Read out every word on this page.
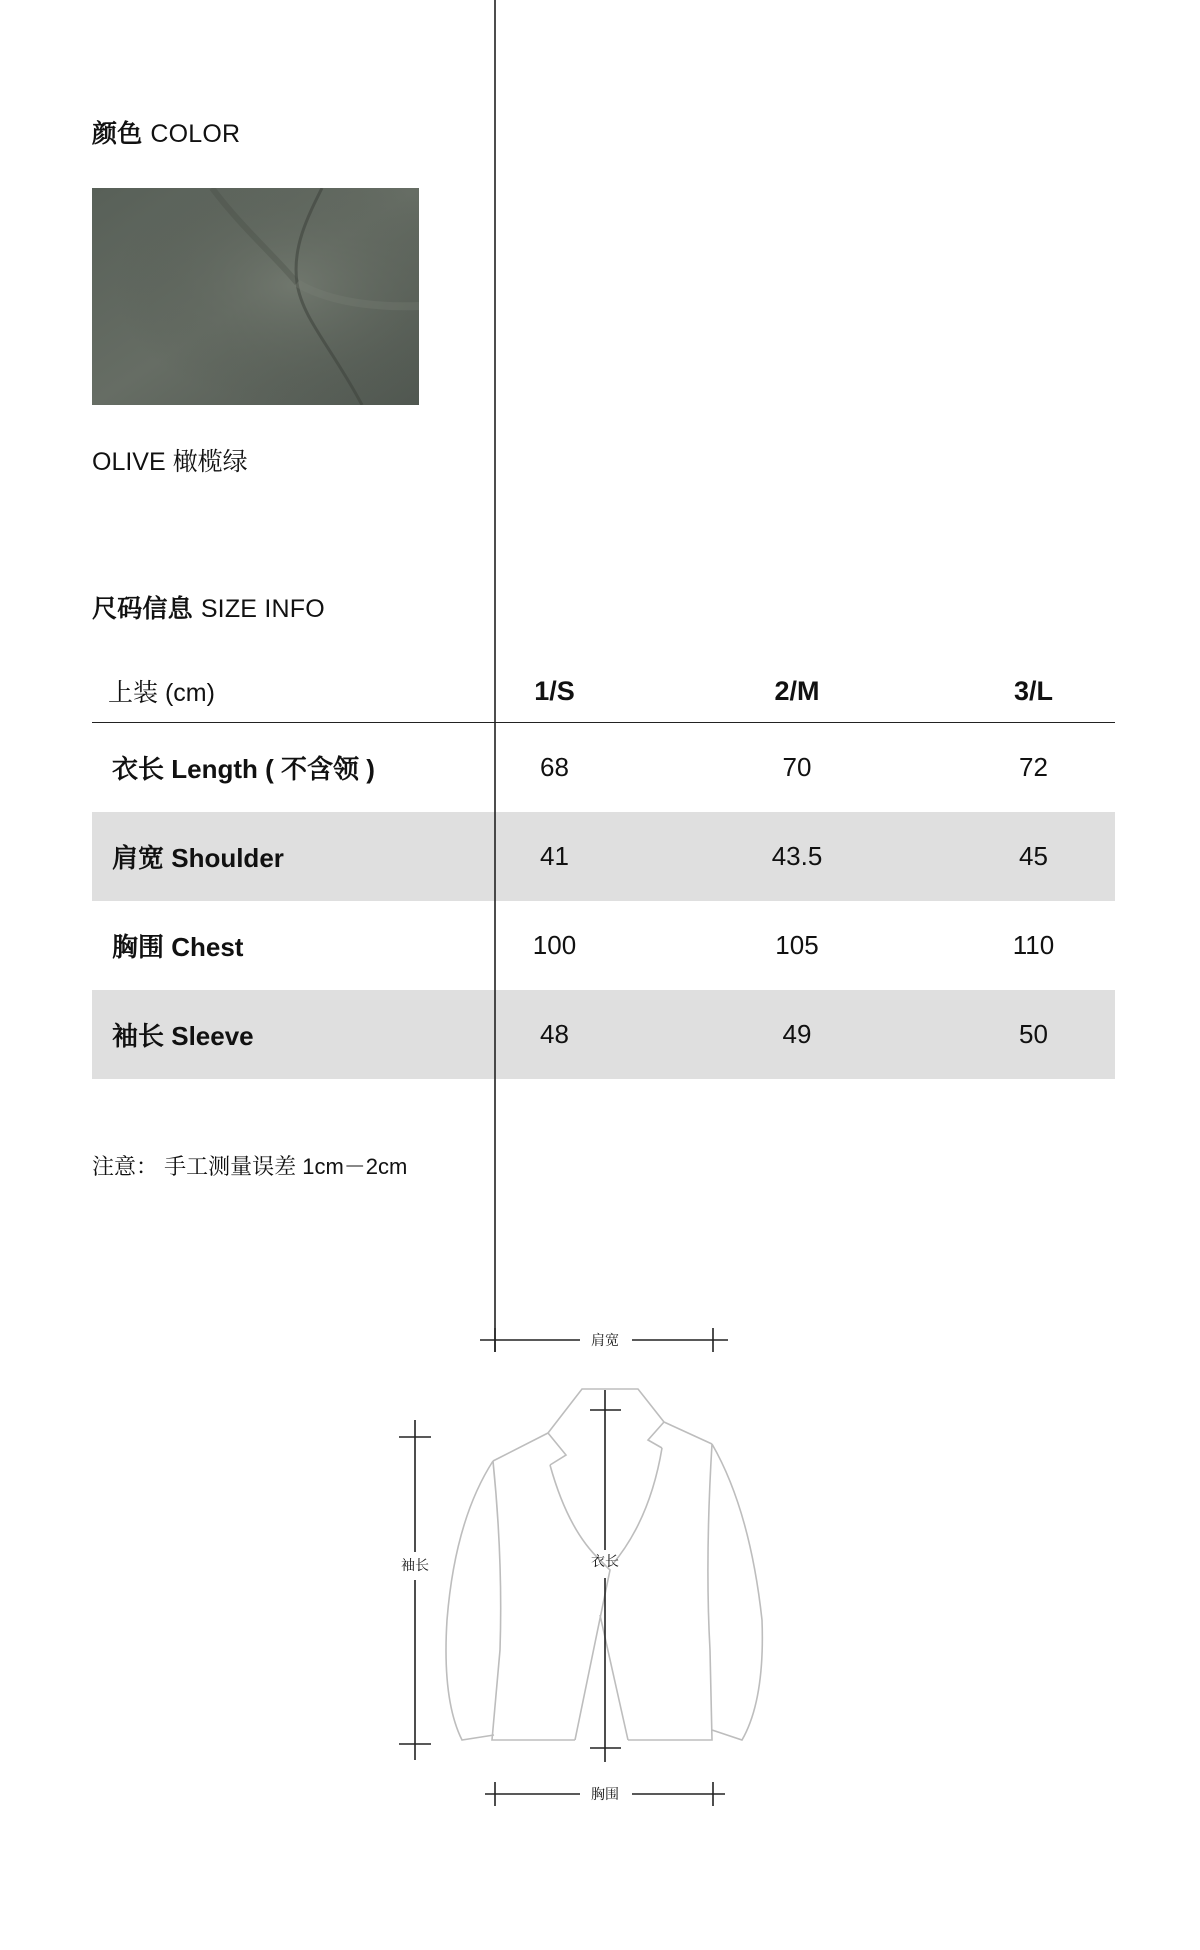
颜色 COLOR
OLIVE 橄榄绿
尺码信息 SIZE INFO
上装 (cm)	1/S	2/M	3/L
衣长 Length ( 不含领 )	68	70	72
肩宽 Shoulder	41	43.5	45
胸围 Chest	100	105	110
袖长 Sleeve	48	49	50
注意： 手工测量误差 1cm－2cm
肩宽
衣长
袖长
胸围
